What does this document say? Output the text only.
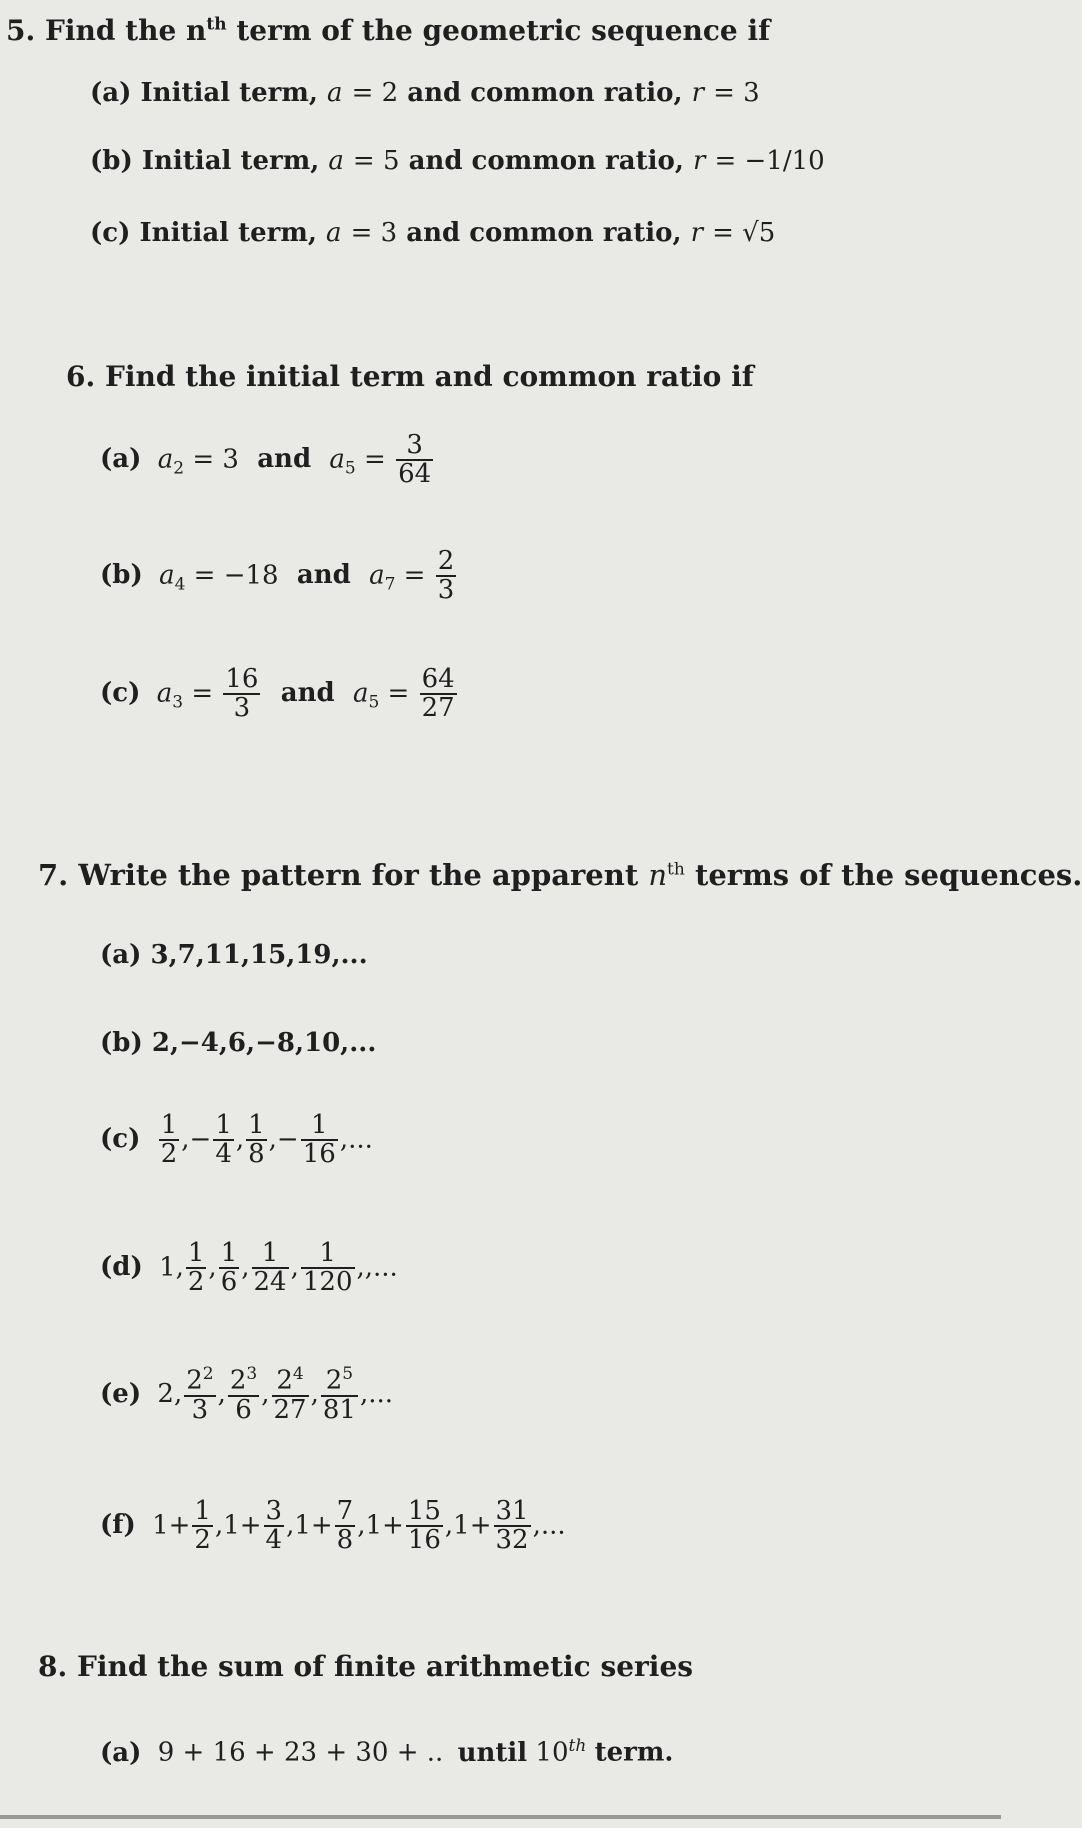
5. Find the $n^{th}$ term of the geometric sequence if
(a) Initial term, a = 2 and common ratio, r = 3
(b) Initial term, a = 5 and common ratio, r = −1/10
(c) Initial term, a = 3 and common ratio, r = √5
6. Find the initial term and common ratio if
(a) $a_2 = 3$ and $a_5 = \frac{3}{64}$
(b) $a_4 = -18$ and $a_7 = \frac{2}{3}$
(c) $a_3 = \frac{16}{3}$ and $a_5 = \frac{64}{27}$
7. Write the pattern for the apparent $n^{th}$ terms of the sequences.
(a) 3,7,11,15,19,...
(b) 2,−4,6,−8,10,...
$(c) \frac{1}{2}$ ,− $\frac{1}{4}$ , $\frac{1}{8}$ ,− $\frac{1}{16}$ ,...
(d) 1, $\frac{1}{2}$ , $\frac{1}{6}$ , $\frac{1}{24}$ , $\frac{1}{120}$ ,,...
(e) 2, $\frac{2^2}{3}$ , $\frac{2^3}{6}$ , $\frac{2^4}{27}$ , $\frac{2^5}{81}$ ,...
(f) $1+ \frac{1}{2} ,1+ \frac{3}{4} ,1+ \frac{7}{8} ,1+ \frac{15}{16} ,1+ \frac{31}{32}$ ,...
8. Find the sum of finite arithmetic series
(a) 9 + 16 + 23 + 30 + .. until 10th term.
